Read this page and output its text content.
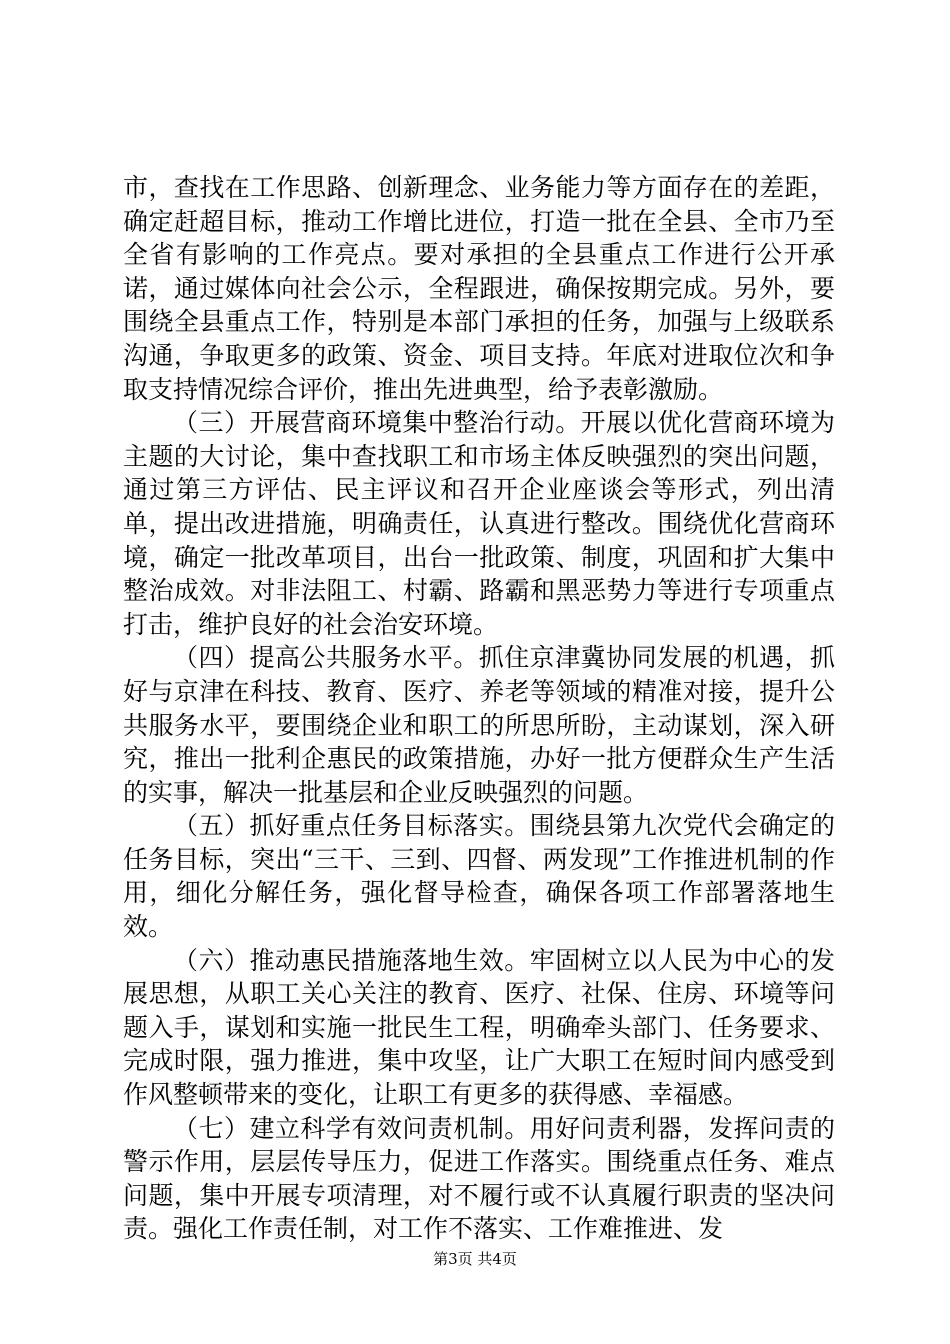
市，查找在工作思路、创新理念、业务能力等方面存在的差距，确定赶超目标，推动工作增比进位，打造一批在全县、全市乃至全省有影响的工作亮点。要对承担的全县重点工作进行公开承诺，通过媒体向社会公示，全程跟进，确保按期完成。另外，要围绕全县重点工作，特别是本部门承担的任务，加强与上级联系沟通，争取更多的政策、资金、项目支持。年底对进取位次和争取支持情况综合评价，推出先进典型，给予表彰激励。

（三）开展营商环境集中整治行动。开展以优化营商环境为主题的大讨论，集中查找职工和市场主体反映强烈的突出问题，通过第三方评估、民主评议和召开企业座谈会等形式，列出清单，提出改进措施，明确责任，认真进行整改。围绕优化营商环境，确定一批改革项目，出台一批政策、制度，巩固和扩大集中整治成效。对非法阻工、村霸、路霸和黑恶势力等进行专项重点打击，维护良好的社会治安环境。

（四）提高公共服务水平。抓住京津冀协同发展的机遇，抓好与京津在科技、教育、医疗、养老等领域的精准对接，提升公共服务水平，要围绕企业和职工的所思所盼，主动谋划，深入研究，推出一批利企惠民的政策措施，办好一批方便群众生产生活的实事，解决一批基层和企业反映强烈的问题。

（五）抓好重点任务目标落实。围绕县第九次党代会确定的任务目标，突出“三干、三到、四督、两发现”工作推进机制的作用，细化分解任务，强化督导检查，确保各项工作部署落地生效。

（六）推动惠民措施落地生效。牢固树立以人民为中心的发展思想，从职工关心关注的教育、医疗、社保、住房、环境等问题入手，谋划和实施一批民生工程，明确牵头部门、任务要求、完成时限，强力推进，集中攻坚，让广大职工在短时间内感受到作风整顿带来的变化，让职工有更多的获得感、幸福感。

（七）建立科学有效问责机制。用好问责利器，发挥问责的警示作用，层层传导压力，促进工作落实。围绕重点任务、难点问题，集中开展专项清理，对不履行或不认真履行职责的坚决问责。强化工作责任制，对工作不落实、工作难推进、发

第3页 共4页
